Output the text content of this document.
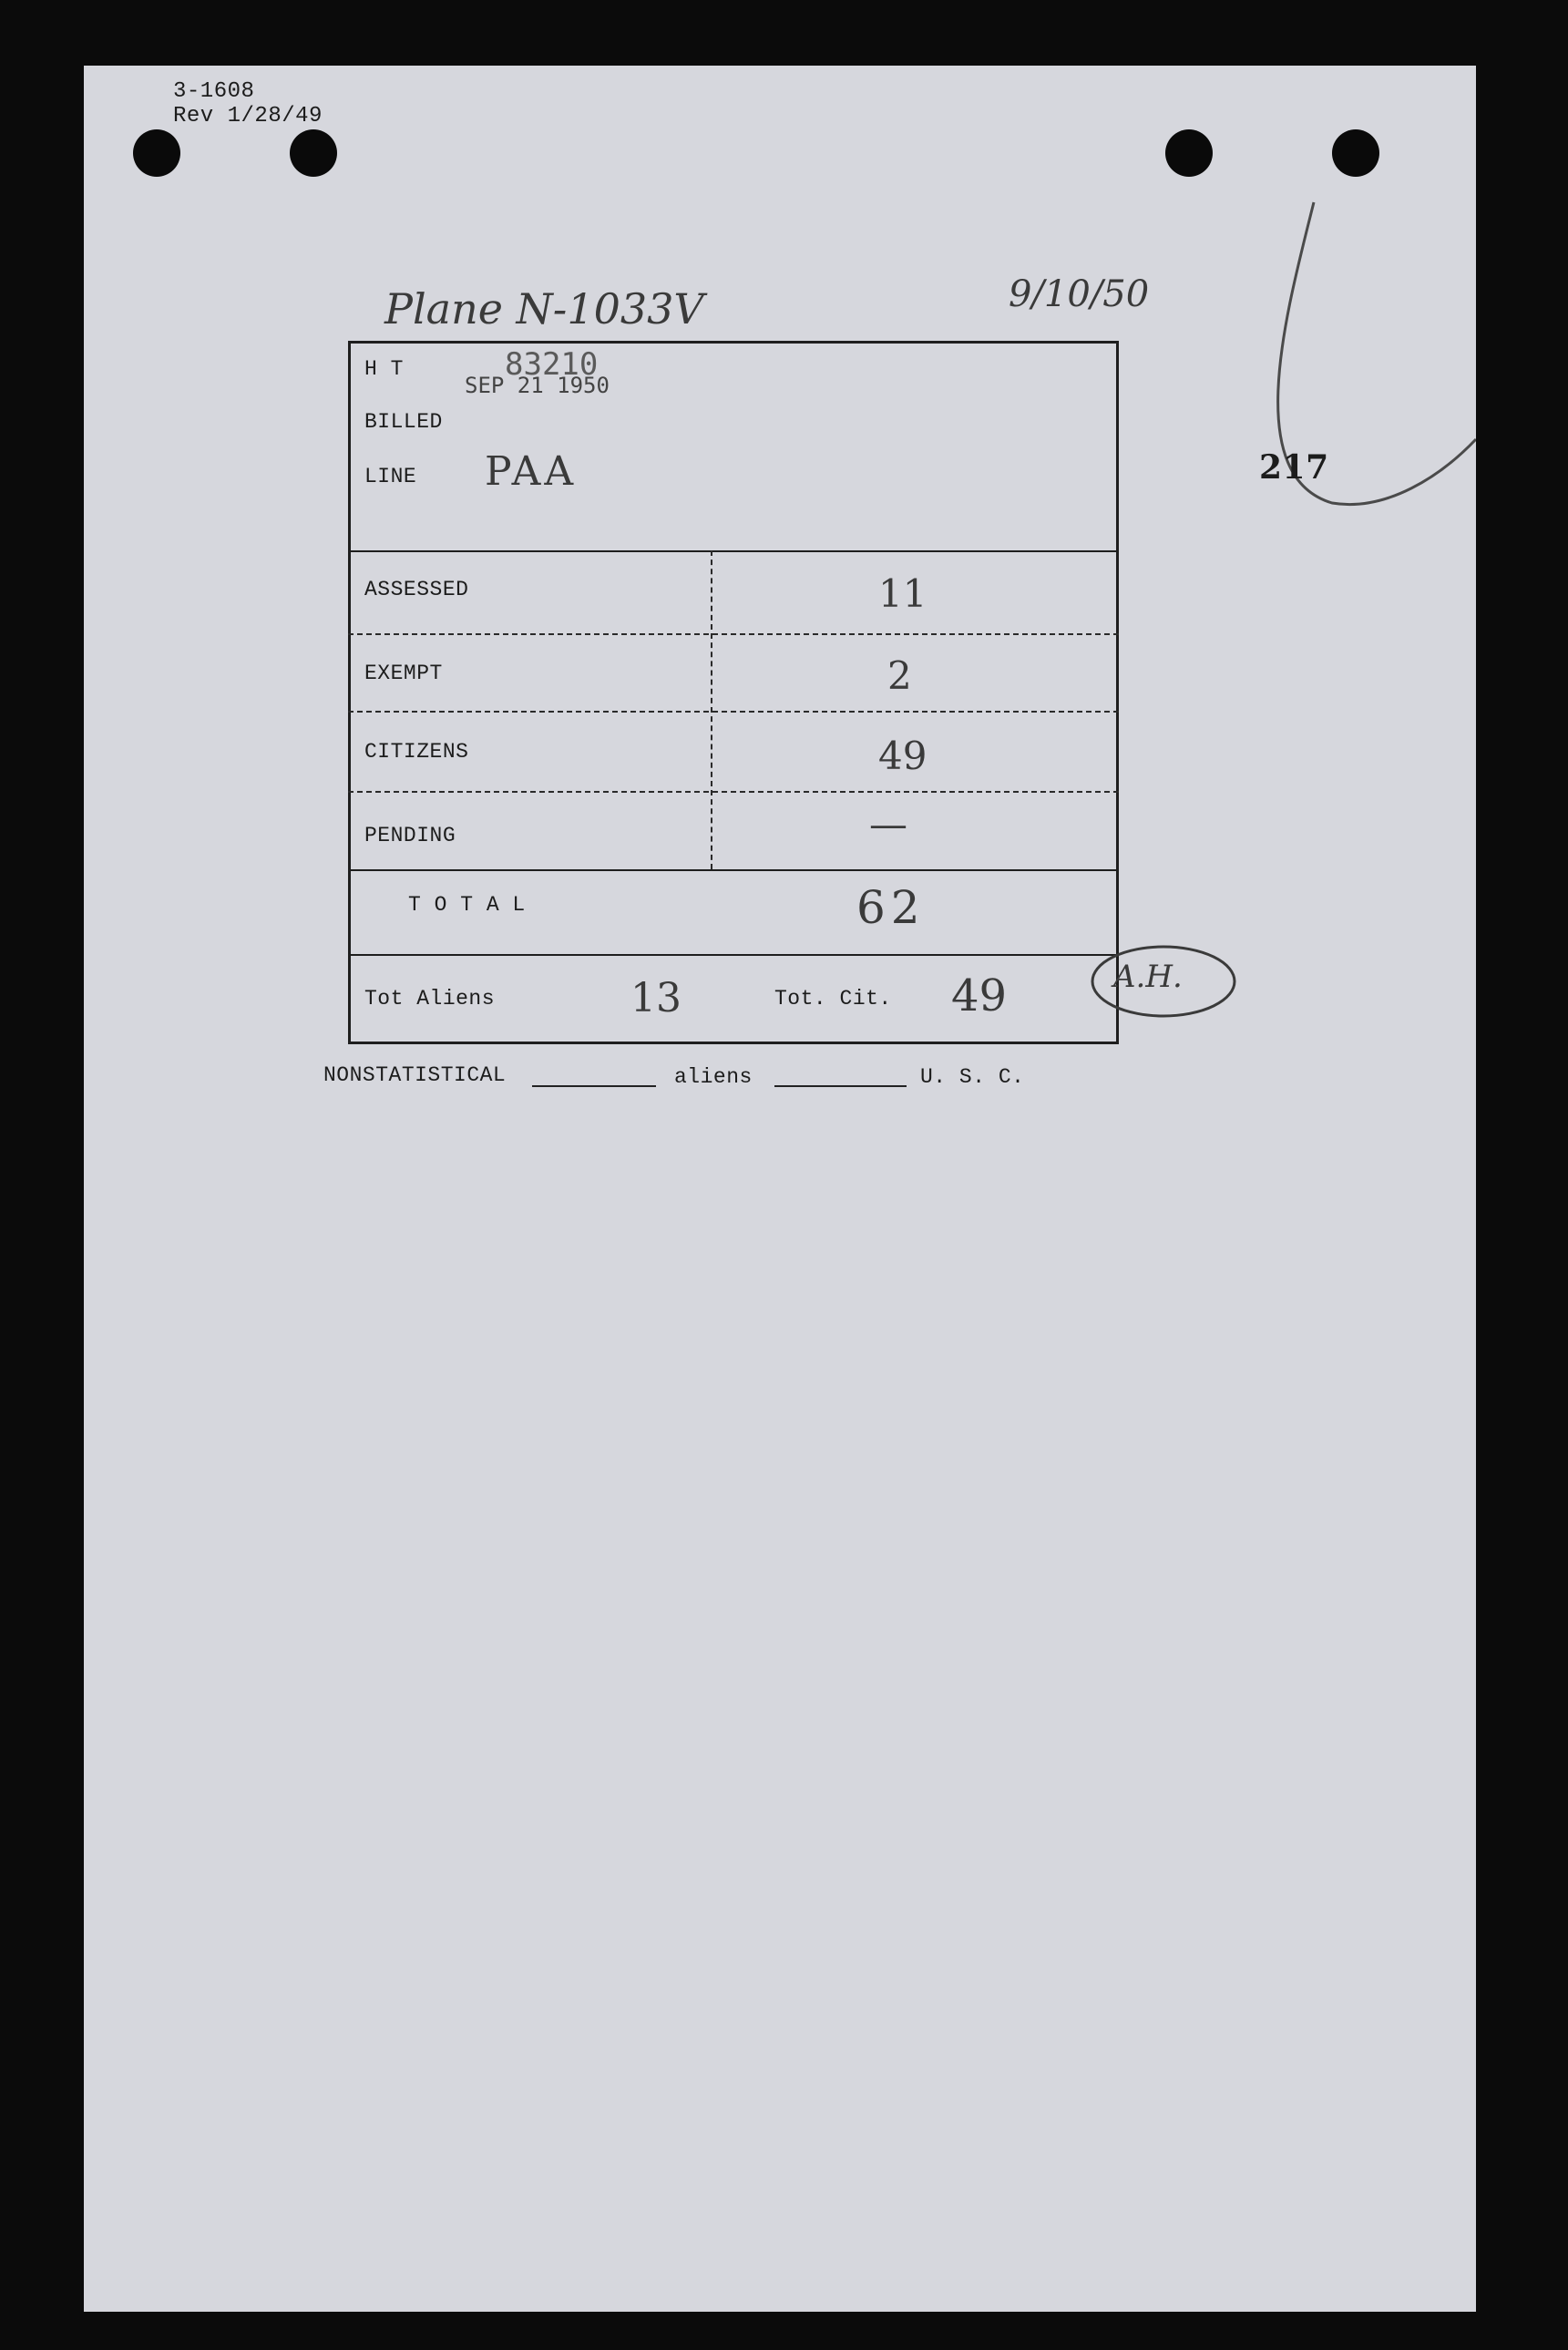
3-1608
Rev 1/28/49
Plane N-1033V	9/10/50
217
H T	83210
SEP 21 1950
BILLED
LINE PAA
ASSESSED	11
EXEMPT	2
CITIZENS	49
PENDING	—
T O T A L	62
Tot Aliens	13	Tot. Cit. 49	A.H.
NONSTATISTICAL	aliens	U. S. C.
